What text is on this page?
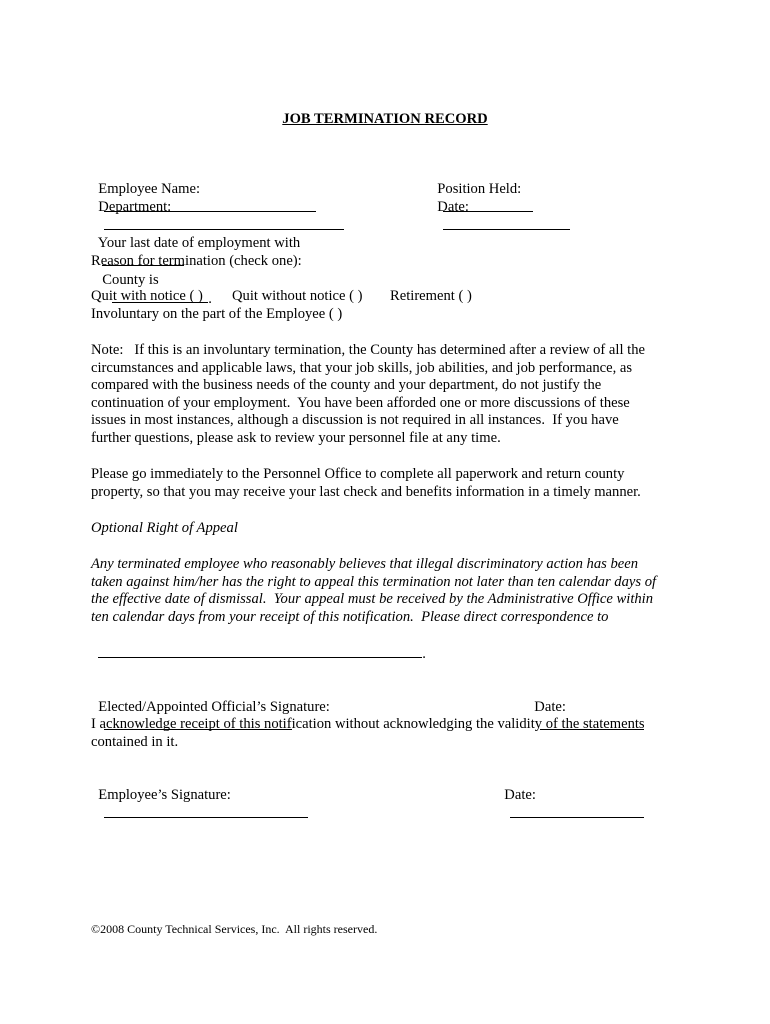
JOB TERMINATION RECORD

Employee Name:
	Position Held:

Department:
	Date:

Your last date of employment with

County is
.

Reason for termination (check one):
Quit with notice ( ) Quit without notice ( ) Retirement ( )
Involuntary on the part of the Employee ( )
Note:   If this is an involuntary termination, the County has determined after a review of all the
circumstances and applicable laws, that your job skills, job abilities, and job performance, as
compared with the business needs of the county and your department, do not justify the
continuation of your employment.  You have been afforded one or more discussions of these
issues in most instances, although a discussion is not required in all instances.  If you have
further questions, please ask to review your personnel file at any time.
Please go immediately to the Personnel Office to complete all paperwork and return county
property, so that you may receive your last check and benefits information in a timely manner.
Optional Right of Appeal
Any terminated employee who reasonably believes that illegal discriminatory action has been
taken against him/her has the right to appeal this termination not later than ten calendar days of
the effective date of dismissal.  Your appeal must be received by the Administrative Office within
ten calendar days from your receipt of this notification.  Please direct correspondence to

.

Elected/Appointed Official’s Signature:
	Date:

I acknowledge receipt of this notification without acknowledging the validity of the statements
contained in it.

Employee’s Signature:
	Date:

©2008 County Technical Services, Inc.  All rights reserved.
